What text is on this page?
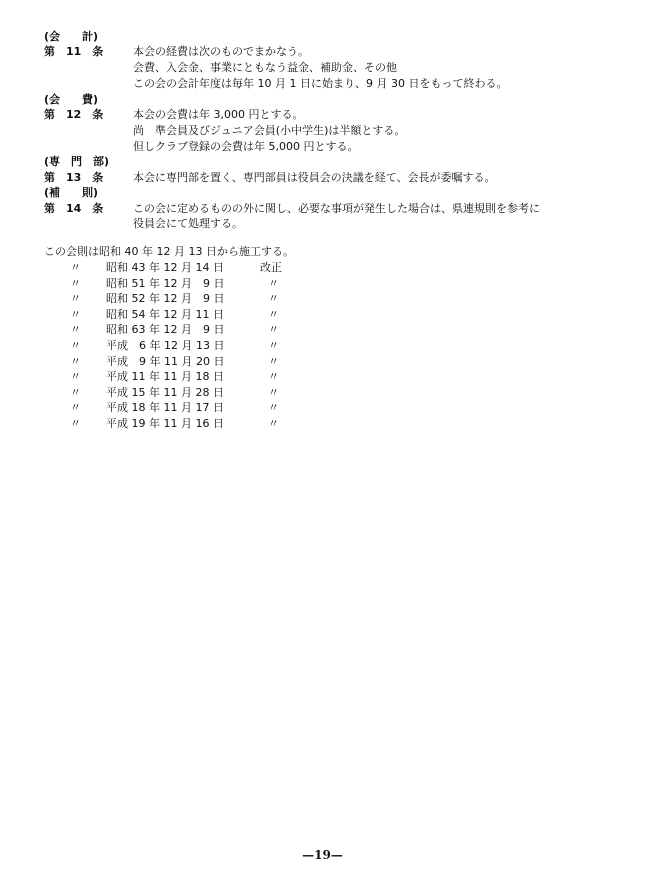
(会　　計)
第　11　条	本会の経費は次のものでまかなう。
会費、入会金、事業にともなう益金、補助金、その他
この会の会計年度は毎年 10 月 1 日に始まり、9 月 30 日をもって終わる。
(会　　費)
第　12　条	本会の会費は年 3,000 円とする。
尚　準会員及びジュニア会員(小中学生)は半額とする。
但しクラブ登録の会費は年 5,000 円とする。
(専　門　部)
第　13　条	本会に専門部を置く、専門部員は役員会の決議を経て、会長が委嘱する。
(補　　則)
第　14　条	この会に定めるものの外に関し、必要な事項が発生した場合は、県連規則を参考に
役員会にて処理する。
この会則は昭和 40 年 12 月 13 日から施工する。
〃 昭和 43 年 12 月 14 日	改正
〃 昭和 51 年 12 月　9 日	〃
〃 昭和 52 年 12 月　9 日	〃
〃 昭和 54 年 12 月 11 日	〃
〃 昭和 63 年 12 月　9 日	〃
〃 平成　6 年 12 月 13 日	〃
〃 平成　9 年 11 月 20 日	〃
〃 平成 11 年 11 月 18 日	〃
〃 平成 15 年 11 月 28 日	〃
〃 平成 18 年 11 月 17 日	〃
〃 平成 19 年 11 月 16 日	〃
—19—
